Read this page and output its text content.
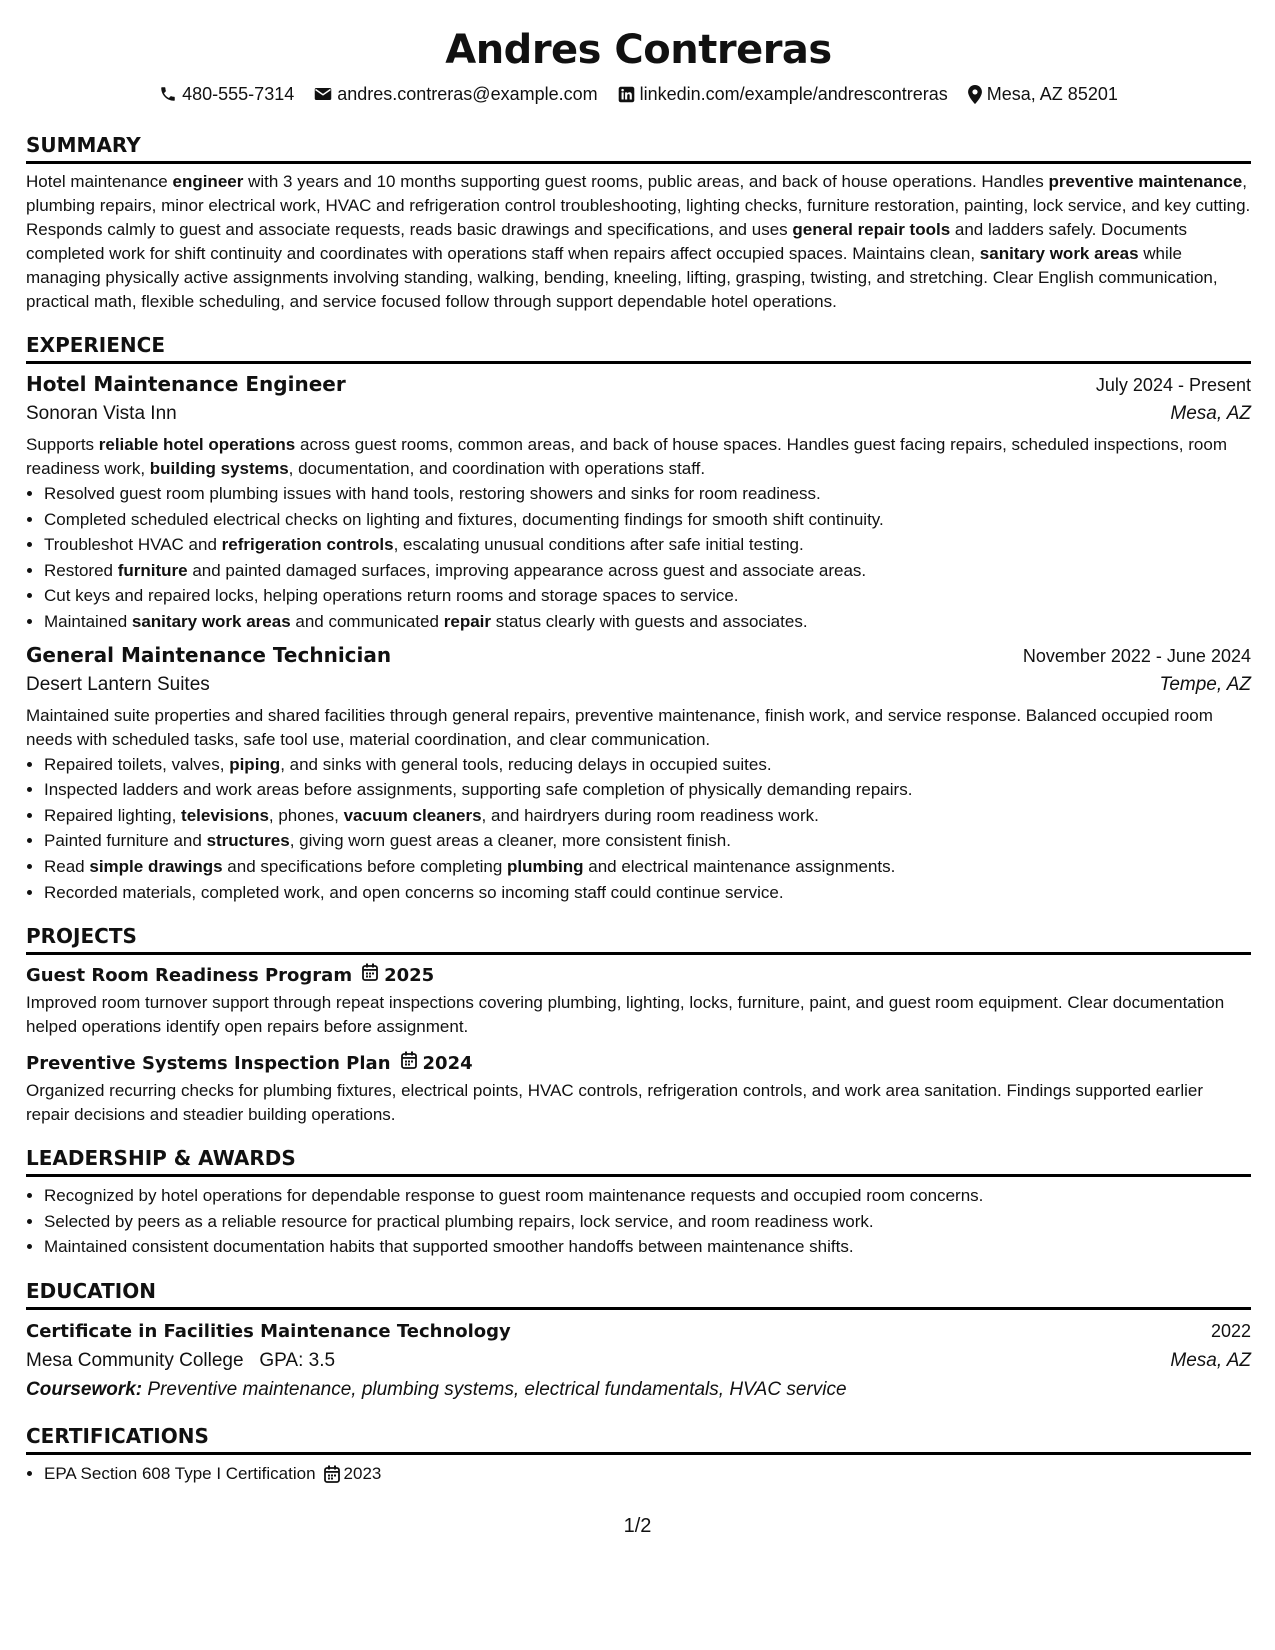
Andres Contreras
480-555-7314 andres.contreras@example.com linkedin.com/example/andrescontreras Mesa, AZ 85201
SUMMARY

Hotel maintenance engineer with 3 years and 10 months supporting guest rooms, public areas, and back of house operations. Handles preventive maintenance, plumbing repairs, minor electrical work, HVAC and refrigeration control troubleshooting, lighting checks, furniture restoration, painting, lock service, and key cutting. Responds calmly to guest and associate requests, reads basic drawings and specifications, and uses general repair tools and ladders safely. Documents completed work for shift continuity and coordinates with operations staff when repairs affect occupied spaces. Maintains clean, sanitary work areas while managing physically active assignments involving standing, walking, bending, kneeling, lifting, grasping, twisting, and stretching. Clear English communication, practical math, flexible scheduling, and service focused follow through support dependable hotel operations.

EXPERIENCE
Hotel Maintenance Engineer	July 2024 - Present
Sonoran Vista Inn	Mesa, AZ

Supports reliable hotel operations across guest rooms, common areas, and back of house spaces. Handles guest facing repairs, scheduled inspections, room readiness work, building systems, documentation, and coordination with operations staff.

• Resolved guest room plumbing issues with hand tools, restoring showers and sinks for room readiness.
• Completed scheduled electrical checks on lighting and fixtures, documenting findings for smooth shift continuity.
• Troubleshot HVAC and refrigeration controls, escalating unusual conditions after safe initial testing.
• Restored furniture and painted damaged surfaces, improving appearance across guest and associate areas.
• Cut keys and repaired locks, helping operations return rooms and storage spaces to service.
• Maintained sanitary work areas and communicated repair status clearly with guests and associates.
General Maintenance Technician	November 2022 - June 2024
Desert Lantern Suites	Tempe, AZ

Maintained suite properties and shared facilities through general repairs, preventive maintenance, finish work, and service response. Balanced occupied room needs with scheduled tasks, safe tool use, material coordination, and clear communication.

• Repaired toilets, valves, piping, and sinks with general tools, reducing delays in occupied suites.
• Inspected ladders and work areas before assignments, supporting safe completion of physically demanding repairs.
• Repaired lighting, televisions, phones, vacuum cleaners, and hairdryers during room readiness work.
• Painted furniture and structures, giving worn guest areas a cleaner, more consistent finish.
• Read simple drawings and specifications before completing plumbing and electrical maintenance assignments.
• Recorded materials, completed work, and open concerns so incoming staff could continue service.
PROJECTS
Guest Room Readiness Program 2025

Improved room turnover support through repeat inspections covering plumbing, lighting, locks, furniture, paint, and guest room equipment. Clear documentation helped operations identify open repairs before assignment.

Preventive Systems Inspection Plan 2024

Organized recurring checks for plumbing fixtures, electrical points, HVAC controls, refrigeration controls, and work area sanitation. Findings supported earlier repair decisions and steadier building operations.

LEADERSHIP & AWARDS
• Recognized by hotel operations for dependable response to guest room maintenance requests and occupied room concerns.
• Selected by peers as a reliable resource for practical plumbing repairs, lock service, and room readiness work.
• Maintained consistent documentation habits that supported smoother handoffs between maintenance shifts.
EDUCATION
Certificate in Facilities Maintenance Technology	2022
Mesa Community College GPA: 3.5	Mesa, AZ
Coursework: Preventive maintenance, plumbing systems, electrical fundamentals, HVAC service
CERTIFICATIONS
• EPA Section 608 Type I Certification 2023
1/2
